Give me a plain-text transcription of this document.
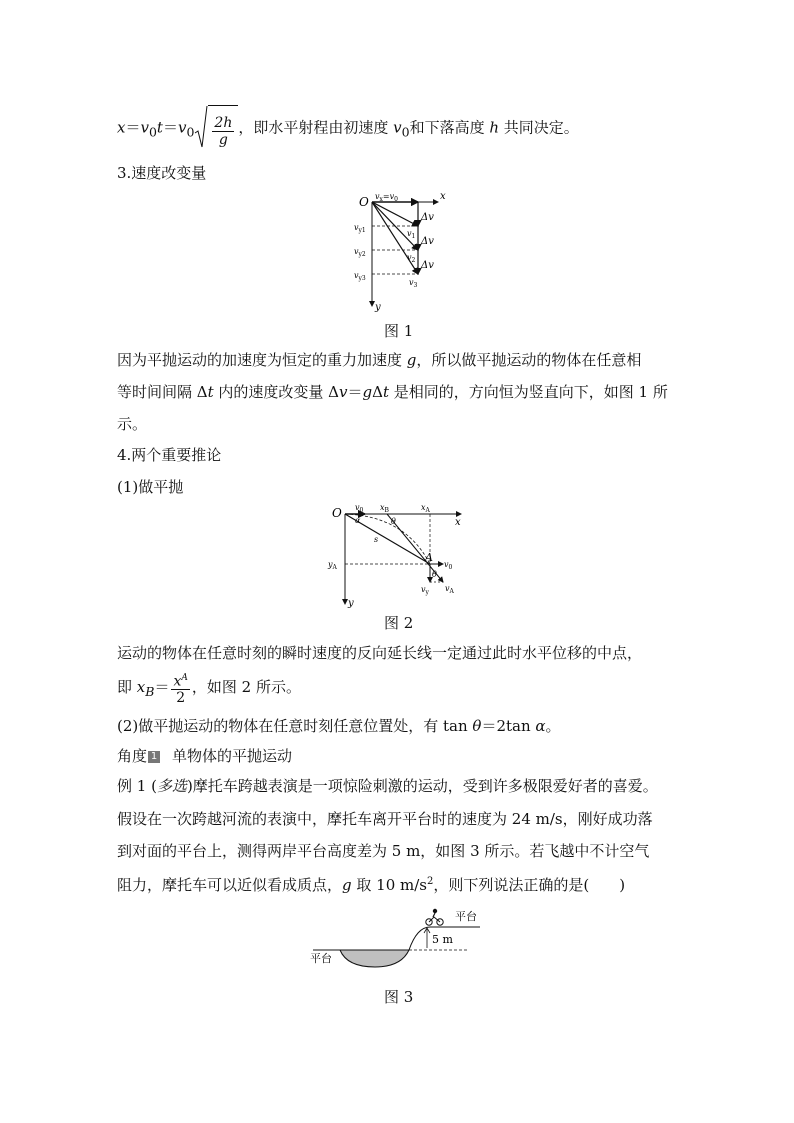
$x=v_0t=v_0 \frac{2h}{g}$ ，即水平射程由初速度 $v_0$和下落高度 h 共同决定。
3.速度改变量
O	x
y
$v_x=v_0$
Δv
Δv
Δv
$v_{y1}$
$v_{y2}$
$v_{y3}$
$v_1$
$v_2$
$v_3$
图 1
因为平抛运动的加速度为恒定的重力加速度 g，所以做平抛运动的物体在任意相
等时间间隔 Δt 内的速度改变量 Δv＝gΔt 是相同的，方向恒为竖直向下，如图 1 所
示。
4.两个重要推论
(1)做平抛
O
x
y
$v_0$ $x_B$	$x_A$
θ
α
s
A
$v_0$
θ
$y_A$
$v_y$ $v_A$
图 2
运动的物体在任意时刻的瞬时速度的反向延长线一定通过此时水平位移的中点，
即 $x_B= \frac{x^A}{2}$ ，如图 2 所示。
(2)做平抛运动的物体在任意时刻任意位置处，有 tan θ＝2tan α。
角度 1 单物体的平抛运动
例 1 (多选)摩托车跨越表演是一项惊险刺激的运动，受到许多极限爱好者的喜爱。
假设在一次跨越河流的表演中，摩托车离开平台时的速度为 24 m/s，刚好成功落
到对面的平台上，测得两岸平台高度差为 5 m，如图 3 所示。若飞越中不计空气
阻力，摩托车可以近似看成质点，g 取 10 $m/s^2$，则下列说法正确的是(　　)
平台
平台
5 m
图 3
